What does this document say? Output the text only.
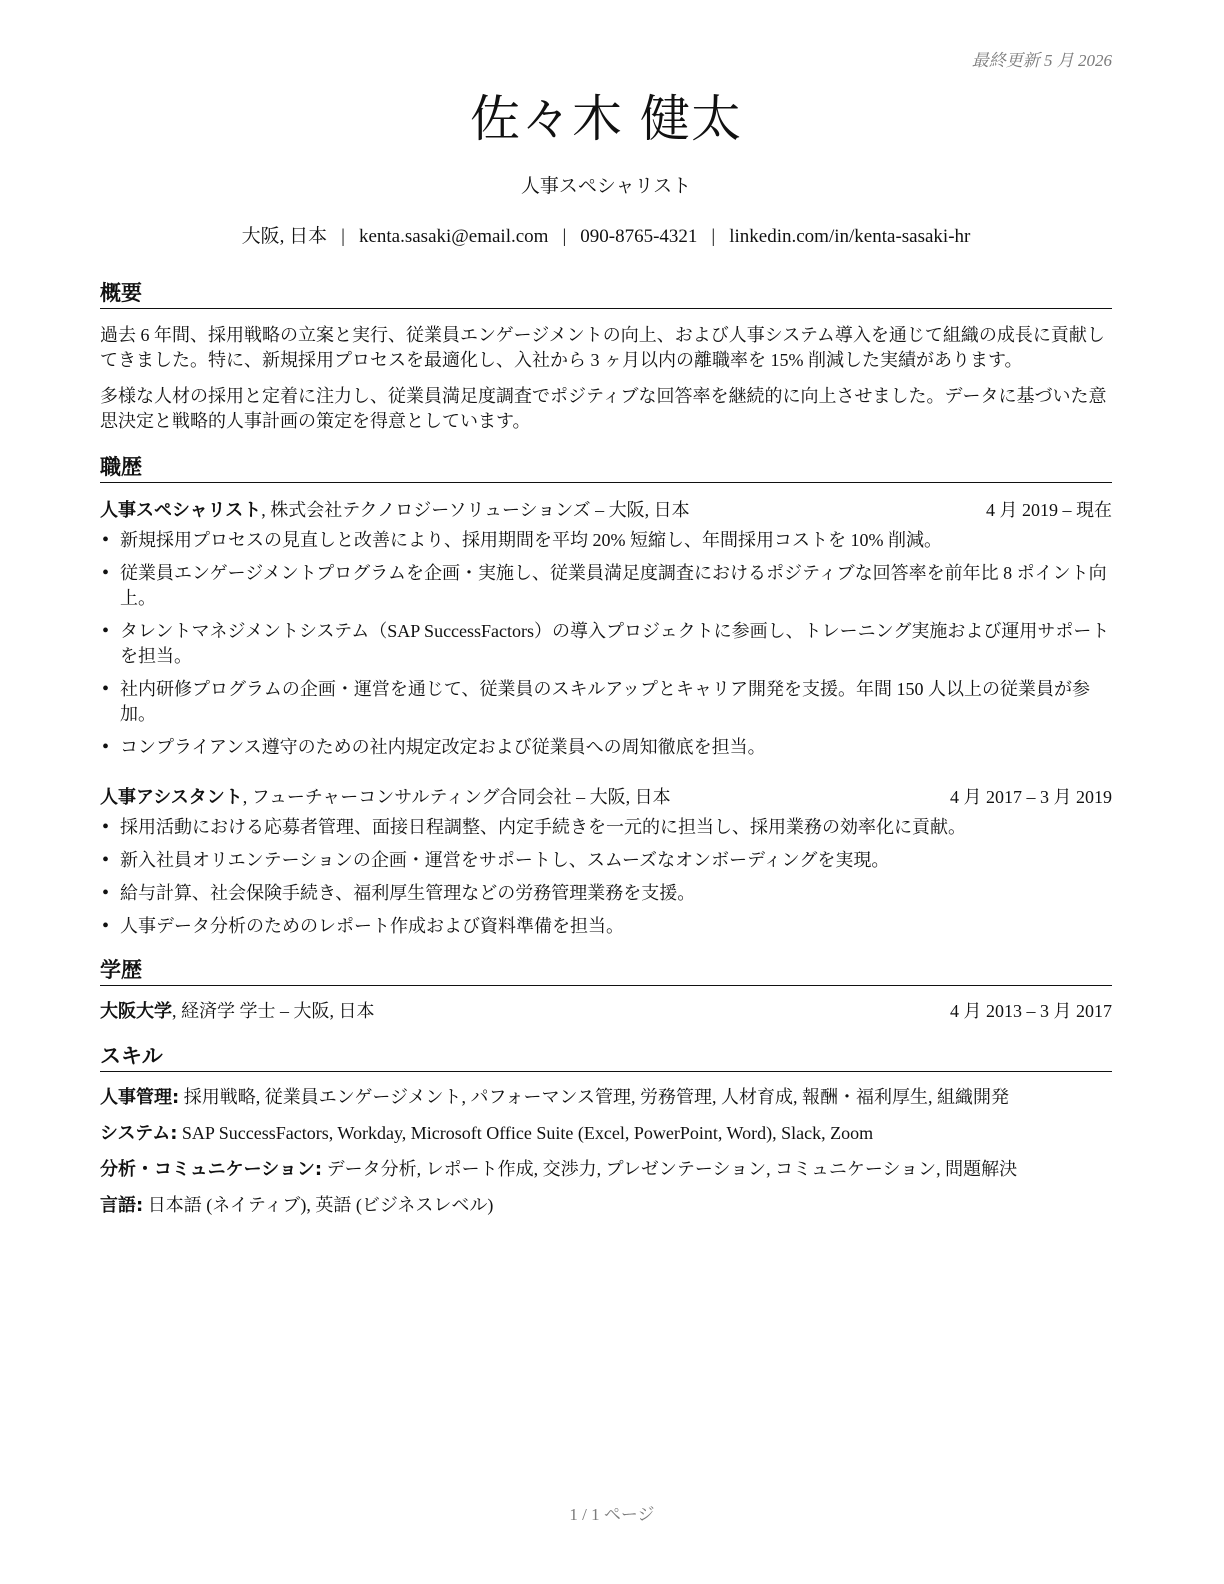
最終更新 5 月 2026
佐々木 健太
人事スペシャリスト
大阪, 日本 | kenta.sasaki@email.com | 090-8765-4321 | linkedin.com/in/kenta-sasaki-hr
概要

過去 6 年間、採用戦略の立案と実行、従業員エンゲージメントの向上、および人事システム導入を通じて組織の成長に貢献してきました。特に、新規採用プロセスを最適化し、入社から 3 ヶ月以内の離職率を 15% 削減した実績があります。

多様な人材の採用と定着に注力し、従業員満足度調査でポジティブな回答率を継続的に向上させました。データに基づいた意思決定と戦略的人事計画の策定を得意としています。

職歴
人事スペシャリスト, 株式会社テクノロジーソリューションズ – 大阪, 日本	4 月 2019 – 現在
• 新規採用プロセスの見直しと改善により、採用期間を平均 20% 短縮し、年間採用コストを 10% 削減。
• 従業員エンゲージメントプログラムを企画・実施し、従業員満足度調査におけるポジティブな回答率を前年比 8 ポイント向上。
• タレントマネジメントシステム（SAP SuccessFactors）の導入プロジェクトに参画し、トレーニング実施および運用サポートを担当。
• 社内研修プログラムの企画・運営を通じて、従業員のスキルアップとキャリア開発を支援。年間 150 人以上の従業員が参加。
• コンプライアンス遵守のための社内規定改定および従業員への周知徹底を担当。
人事アシスタント, フューチャーコンサルティング合同会社 – 大阪, 日本	4 月 2017 – 3 月 2019
• 採用活動における応募者管理、面接日程調整、内定手続きを一元的に担当し、採用業務の効率化に貢献。
• 新入社員オリエンテーションの企画・運営をサポートし、スムーズなオンボーディングを実現。
• 給与計算、社会保険手続き、福利厚生管理などの労務管理業務を支援。
• 人事データ分析のためのレポート作成および資料準備を担当。
学歴
大阪大学, 経済学 学士 – 大阪, 日本	4 月 2013 – 3 月 2017
スキル
人事管理: 採用戦略, 従業員エンゲージメント, パフォーマンス管理, 労務管理, 人材育成, 報酬・福利厚生, 組織開発
システム: SAP SuccessFactors, Workday, Microsoft Office Suite (Excel, PowerPoint, Word), Slack, Zoom
分析・コミュニケーション: データ分析, レポート作成, 交渉力, プレゼンテーション, コミュニケーション, 問題解決
言語: 日本語 (ネイティブ), 英語 (ビジネスレベル)
1 / 1 ページ
